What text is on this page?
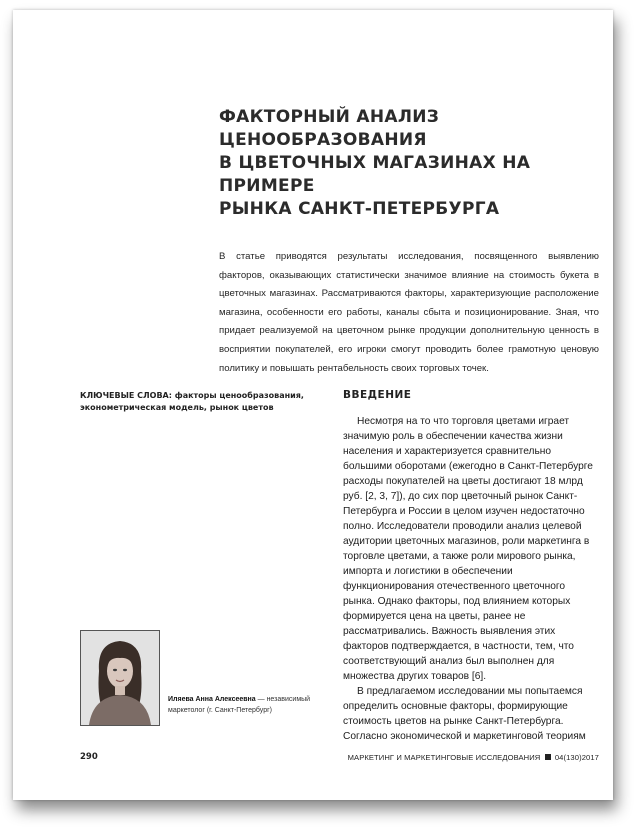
ФАКТОРНЫЙ АНАЛИЗ ЦЕНООБРАЗОВАНИЯ
В ЦВЕТОЧНЫХ МАГАЗИНАХ НА ПРИМЕРЕ
РЫНКА САНКТ-ПЕТЕРБУРГА

В статье приводятся результаты исследования, посвященного выявлению факторов, оказывающих статистически значимое влияние на стоимость букета в цветочных магазинах. Рассматриваются факторы, характеризующие расположение магазина, особенности его работы, каналы сбыта и позиционирование. Зная, что придает реализуемой на цветочном рынке продукции дополнительную ценность в восприятии покупателей, его игроки смогут проводить более грамотную ценовую политику и повышать рентабельность своих торговых точек.

КЛЮЧЕВЫЕ СЛОВА: факторы ценообразования, эконометрическая модель, рынок цветов

ВВЕДЕНИЕ

Несмотря на то что торговля цветами играет значимую роль в обеспечении качества жизни населения и характеризуется сравнительно большими оборотами (ежегодно в Санкт-Петербурге расходы покупателей на цветы достигают 18 млрд руб. [2, 3, 7]), до сих пор цветочный рынок Санкт-Петербурга и России в целом изучен недостаточно полно. Исследователи проводили анализ целевой аудитории цветочных магазинов, роли маркетинга в торговле цветами, а также роли мирового рынка, импорта и логистики в обеспечении функционирования отечественного цветочного рынка. Однако факторы, под влиянием которых формируется цена на цветы, ранее не рассматривались. Важность выявления этих факторов подтверждается, в частности, тем, что соответствующий анализ был выполнен для множества других товаров [6].

В предлагаемом исследовании мы попытаемся определить основные факторы, формирующие стоимость цветов на рынке Санкт-Петербурга. Согласно экономической и маркетинговой теориям

Иляева Анна Алексеевна — независимый маркетолог (г. Санкт-Петербург)
290	МАРКЕТИНГ И МАРКЕТИНГОВЫЕ ИССЛЕДОВАНИЯ 04(130)2017
